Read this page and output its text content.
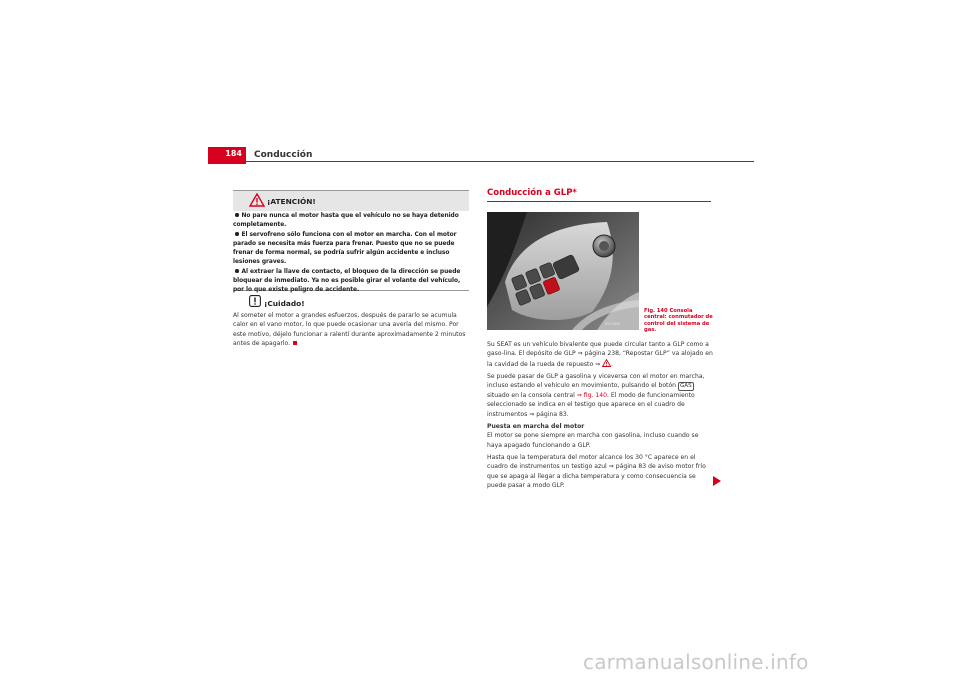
184	Conducción
¡ATENCIÓN!

No pare nunca el motor hasta que el vehículo no se haya detenido completamente.

El servofreno sólo funciona con el motor en marcha. Con el motor parado se necesita más fuerza para frenar. Puesto que no se puede frenar de forma normal, se podría sufrir algún accidente e incluso lesiones graves.

Al extraer la llave de contacto, el bloqueo de la dirección se puede bloquear de inmediato. Ya no es posible girar el volante del vehículo, por lo que existe peligro de accidente.

¡Cuidado!
Al someter el motor a grandes esfuerzos, después de pararlo se acumula calor en el vano motor, lo que puede ocasionar una avería del mismo. Por este motivo, déjelo funcionar a ralentí durante aproximadamente 2 minutos antes de apagarlo.
Conducción a GLP*
B5P-0666
Fig. 140 Consola central: conmutador de control del sistema de gas.

Su SEAT es un vehículo bivalente que puede circular tanto a GLP como a gaso-lina. El depósito de GLP ⇒ página 238, “Repostar GLP” va alojado en la cavidad de la rueda de repuesto ⇒ .

Se puede pasar de GLP a gasolina y viceversa con el motor en marcha, incluso estando el vehículo en movimiento, pulsando el botón GAS situado en la consola central ⇒ fig. 140. El modo de funcionamiento seleccionado se indica en el testigo que aparece en el cuadro de instrumentos ⇒ página 83.

Puesta en marcha del motor

El motor se pone siempre en marcha con gasolina, incluso cuando se haya apagado funcionando a GLP.

Hasta que la temperatura del motor alcance los 30 °C aparece en el cuadro de instrumentos un testigo azul ⇒ página 83 de aviso motor frío que se apaga al llegar a dicha temperatura y como consecuencia se puede pasar a modo GLP.

carmanualsonline.info
